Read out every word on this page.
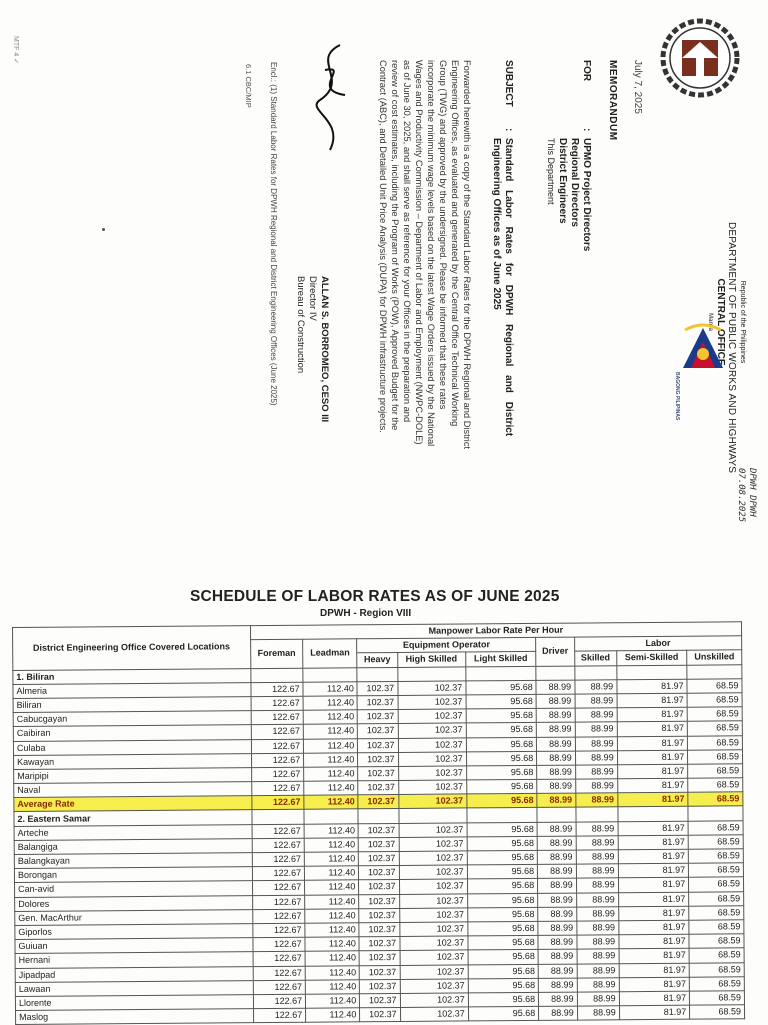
Republic of the Philippines
DEPARTMENT OF PUBLIC WORKS AND HIGHWAYS
CENTRAL OFFICE
Manila
BAGONG PILIPINAS
DPWH DPWH
07.08.2025
July 7, 2025
MEMORANDUM
FOR
:
UPMO Project Directors
Regional Directors
District Engineers
This Department
SUBJECT
:
Standard Labor Rates for DPWH Regional and District
Engineering Offices as of June 2025
Forwarded herewith is a copy of the Standard Labor Rates for the DPWH Regional and District
Engineering Offices, as evaluated and generated by the Central Office Technical Working
Group (TWG) and approved by the undersigned. Please be informed that these rates
incorporate the minimum wage levels based on the latest Wage Orders issued by the National
Wages and Productivity Commission – Department of Labor and Employment (NWPC-DOLE)
as of June 30, 2025, and shall serve as reference for your Offices in the preparation and
review of cost estimates, including the Program of Works (POW), Approved Budget for the
Contract (ABC), and Detailed Unit Price Analysis (DUPA) for DPWH infrastructure projects.
ALLAN S. BORROMEO, CESO III
Director IV
Bureau of Construction
Encl.: (1) Standard Labor Rates for DPWH Regional and District Engineering Offices (June 2025)
6.1 CBC/MIP
MTF 4 ✓
SCHEDULE OF LABOR RATES AS OF JUNE 2025
DPWH - Region VIII
District Engineering Office Covered Locations	Manpower Labor Rate Per Hour								
	Foreman	Leadman	Equipment Operator			Driver	Labor		
			Heavy	High Skilled	Light Skilled		Skilled	Semi-Skilled	Unskilled
1. Biliran									
Almeria	122.67	112.40	102.37	102.37	95.68	88.99	88.99	81.97	68.59
Biliran	122.67	112.40	102.37	102.37	95.68	88.99	88.99	81.97	68.59
Cabucgayan	122.67	112.40	102.37	102.37	95.68	88.99	88.99	81.97	68.59
Caibiran	122.67	112.40	102.37	102.37	95.68	88.99	88.99	81.97	68.59
Culaba	122.67	112.40	102.37	102.37	95.68	88.99	88.99	81.97	68.59
Kawayan	122.67	112.40	102.37	102.37	95.68	88.99	88.99	81.97	68.59
Maripipi	122.67	112.40	102.37	102.37	95.68	88.99	88.99	81.97	68.59
Naval	122.67	112.40	102.37	102.37	95.68	88.99	88.99	81.97	68.59
Average Rate	122.67	112.40	102.37	102.37	95.68	88.99	88.99	81.97	68.59
2. Eastern Samar									
Arteche	122.67	112.40	102.37	102.37	95.68	88.99	88.99	81.97	68.59
Balangiga	122.67	112.40	102.37	102.37	95.68	88.99	88.99	81.97	68.59
Balangkayan	122.67	112.40	102.37	102.37	95.68	88.99	88.99	81.97	68.59
Borongan	122.67	112.40	102.37	102.37	95.68	88.99	88.99	81.97	68.59
Can-avid	122.67	112.40	102.37	102.37	95.68	88.99	88.99	81.97	68.59
Dolores	122.67	112.40	102.37	102.37	95.68	88.99	88.99	81.97	68.59
Gen. MacArthur	122.67	112.40	102.37	102.37	95.68	88.99	88.99	81.97	68.59
Giporlos	122.67	112.40	102.37	102.37	95.68	88.99	88.99	81.97	68.59
Guiuan	122.67	112.40	102.37	102.37	95.68	88.99	88.99	81.97	68.59
Hernani	122.67	112.40	102.37	102.37	95.68	88.99	88.99	81.97	68.59
Jipadpad	122.67	112.40	102.37	102.37	95.68	88.99	88.99	81.97	68.59
Lawaan	122.67	112.40	102.37	102.37	95.68	88.99	88.99	81.97	68.59
Llorente	122.67	112.40	102.37	102.37	95.68	88.99	88.99	81.97	68.59
Maslog	122.67	112.40	102.37	102.37	95.68	88.99	88.99	81.97	68.59
